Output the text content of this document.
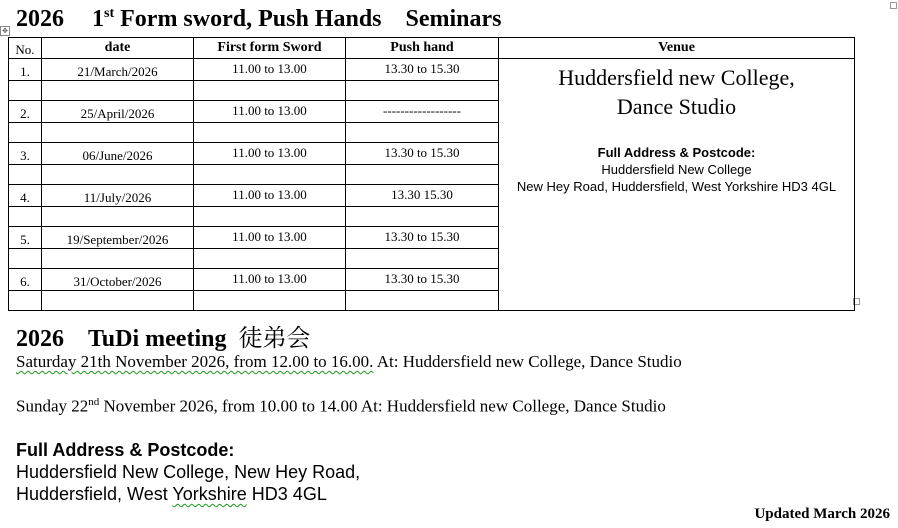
✥ 2026 1st Form sword, Push Hands Seminars
No.	date	First form Sword	Push hand	Venue
1.	21/March/2026	11.00 to 13.00	13.30 to 15.30	Huddersfield new College,
Dance Studio
Full Address & Postcode:
Huddersfield New College
New Hey Road, Huddersfield, West Yorkshire HD3 4GL

2.	25/April/2026	11.00 to 13.00	------------------	

3.	06/June/2026	11.00 to 13.00	13.30 to 15.30	

4.	11/July/2026	11.00 to 13.00	13.30 15.30	

5.	19/September/2026	11.00 to 13.00	13.30 to 15.30	

6.	31/October/2026	11.00 to 13.00	13.30 to 15.30	

2026 TuDi meeting 徒弟会
Saturday 21th November 2026, from 12.00 to 16.00. At: Huddersfield new College, Dance Studio
Sunday 22nd November 2026, from 10.00 to 14.00 At: Huddersfield new College, Dance Studio
Full Address & Postcode:
Huddersfield New College, New Hey Road,
Huddersfield, West Yorkshire HD3 4GL
Updated March 2026
